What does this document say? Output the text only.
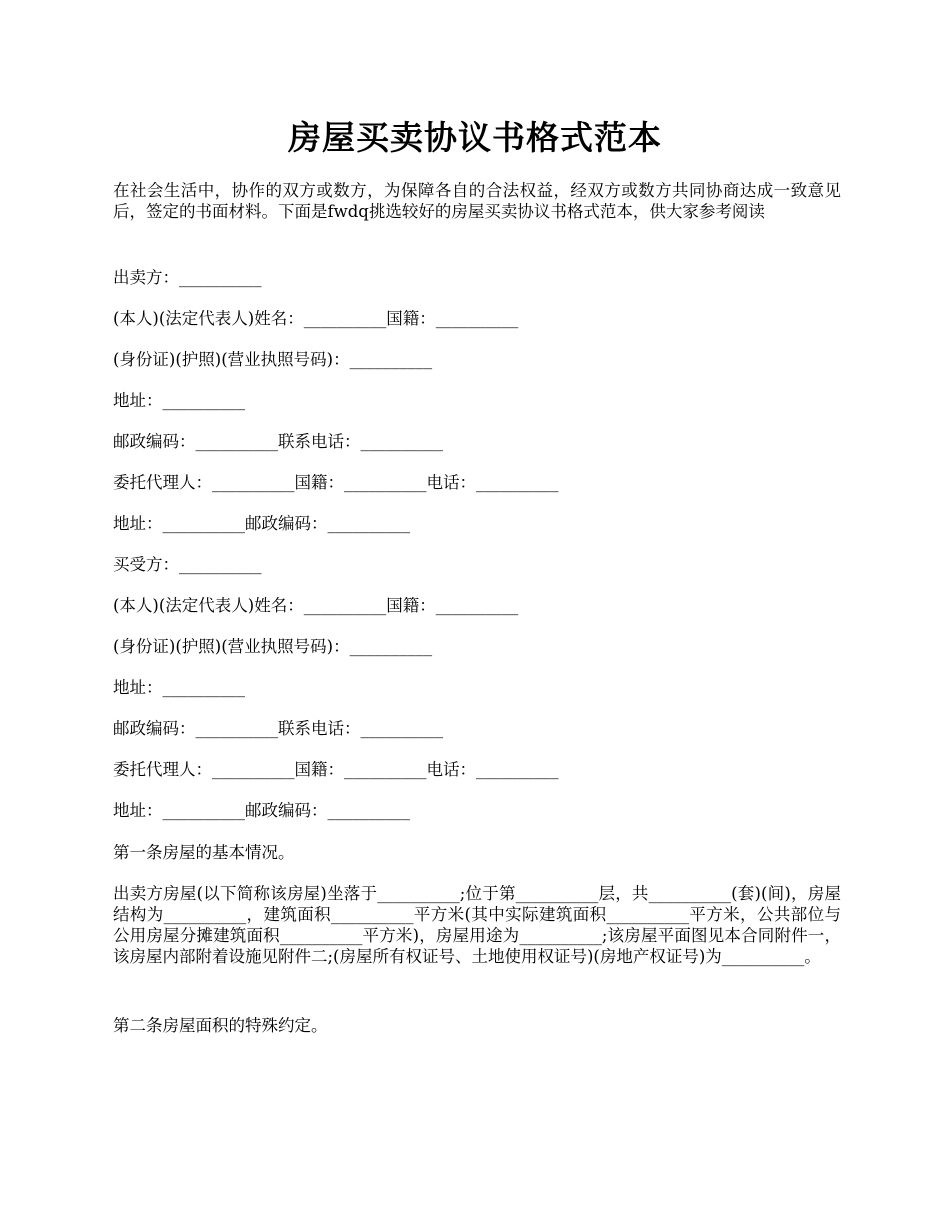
房屋买卖协议书格式范本

在社会生活中，协作的双方或数方，为保障各自的合法权益，经双方或数方共同协商达成一致意见后，签定的书面材料。下面是fwdq挑选较好的房屋买卖协议书格式范本，供大家参考阅读

出卖方：__________

(本人)(法定代表人)姓名：__________国籍：__________

(身份证)(护照)(营业执照号码)：__________

地址：__________

邮政编码：__________联系电话：__________

委托代理人：__________国籍：__________电话：__________

地址：__________邮政编码：__________

买受方：__________

(本人)(法定代表人)姓名：__________国籍：__________

(身份证)(护照)(营业执照号码)：__________

地址：__________

邮政编码：__________联系电话：__________

委托代理人：__________国籍：__________电话：__________

地址：__________邮政编码：__________

第一条房屋的基本情况。

出卖方房屋(以下简称该房屋)坐落于__________;位于第__________层，共__________(套)(间)，房屋结构为__________，建筑面积__________平方米(其中实际建筑面积__________平方米，公共部位与公用房屋分摊建筑面积__________平方米)，房屋用途为__________;该房屋平面图见本合同附件一，该房屋内部附着设施见附件二;(房屋所有权证号、土地使用权证号)(房地产权证号)为__________。

第二条房屋面积的特殊约定。
